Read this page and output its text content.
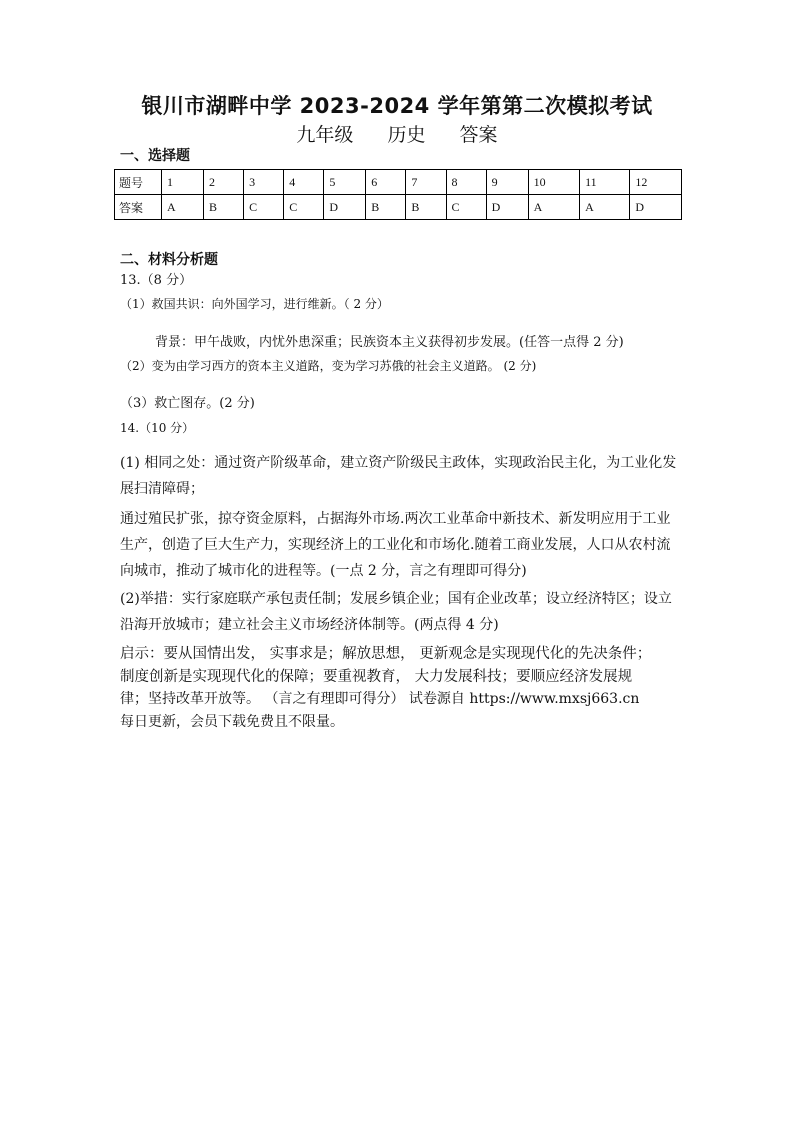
银川市湖畔中学 2023-2024 学年第第二次模拟考试
九年级 历史 答案
一、选择题
题号	1	2	3	4	5	6	7	8	9	10	11	12
答案	A	B	C	C	D	B	B	C	D	A	A	D
二、材料分析题
13.（8 分）
（1）救国共识：向外国学习，进行维新。（ 2 分）
背景：甲午战败，内忧外患深重；民族资本主义获得初步发展。(任答一点得 2 分)
（2）变为由学习西方的资本主义道路，变为学习苏俄的社会主义道路。 (2 分)
（3）救亡图存。(2 分)
14.（10 分）
(1) 相同之处：通过资产阶级革命，建立资产阶级民主政体，实现政治民主化，为工业化发
展扫清障碍；
通过殖民扩张，掠夺资金原料，占据海外市场.两次工业革命中新技术、新发明应用于工业
生产，创造了巨大生产力，实现经济上的工业化和市场化.随着工商业发展，人口从农村流
向城市，推动了城市化的进程等。(一点 2 分，言之有理即可得分)
(2)举措：实行家庭联产承包责任制；发展乡镇企业；国有企业改革；设立经济特区；设立
沿海开放城市；建立社会主义市场经济体制等。(两点得 4 分)
启示：要从国情出发， 实事求是；解放思想， 更新观念是实现现代化的先决条件；
制度创新是实现现代化的保障；要重视教育， 大力发展科技；要顺应经济发展规
律；坚持改革开放等。 （言之有理即可得分） 试卷源自 https://www.mxsj663.cn
每日更新，会员下载免费且不限量。
